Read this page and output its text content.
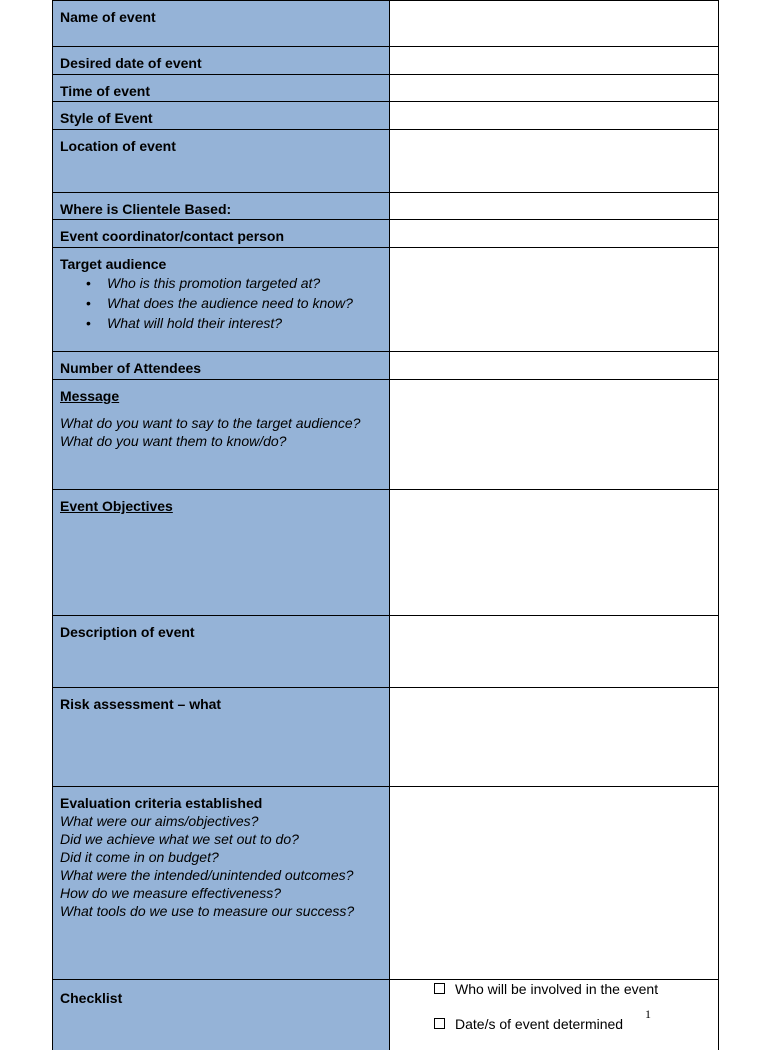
Name of event
Desired date of event
Time of event
Style of Event
Location of event
Where is Clientele Based:
Event coordinator/contact person
Target audience
• Who is this promotion targeted at?
• What does the audience need to know?
• What will hold their interest?
Number of Attendees
Message
What do you want to say to the target audience?
What do you want them to know/do?
Event Objectives
Description of event
Risk assessment – what
Evaluation criteria established
What were our aims/objectives?
Did we achieve what we set out to do?
Did it come in on budget?
What were the intended/unintended outcomes?
How do we measure effectiveness?
What tools do we use to measure our success?
Checklist
Who will be involved in the event
Date/s of event determined
1
